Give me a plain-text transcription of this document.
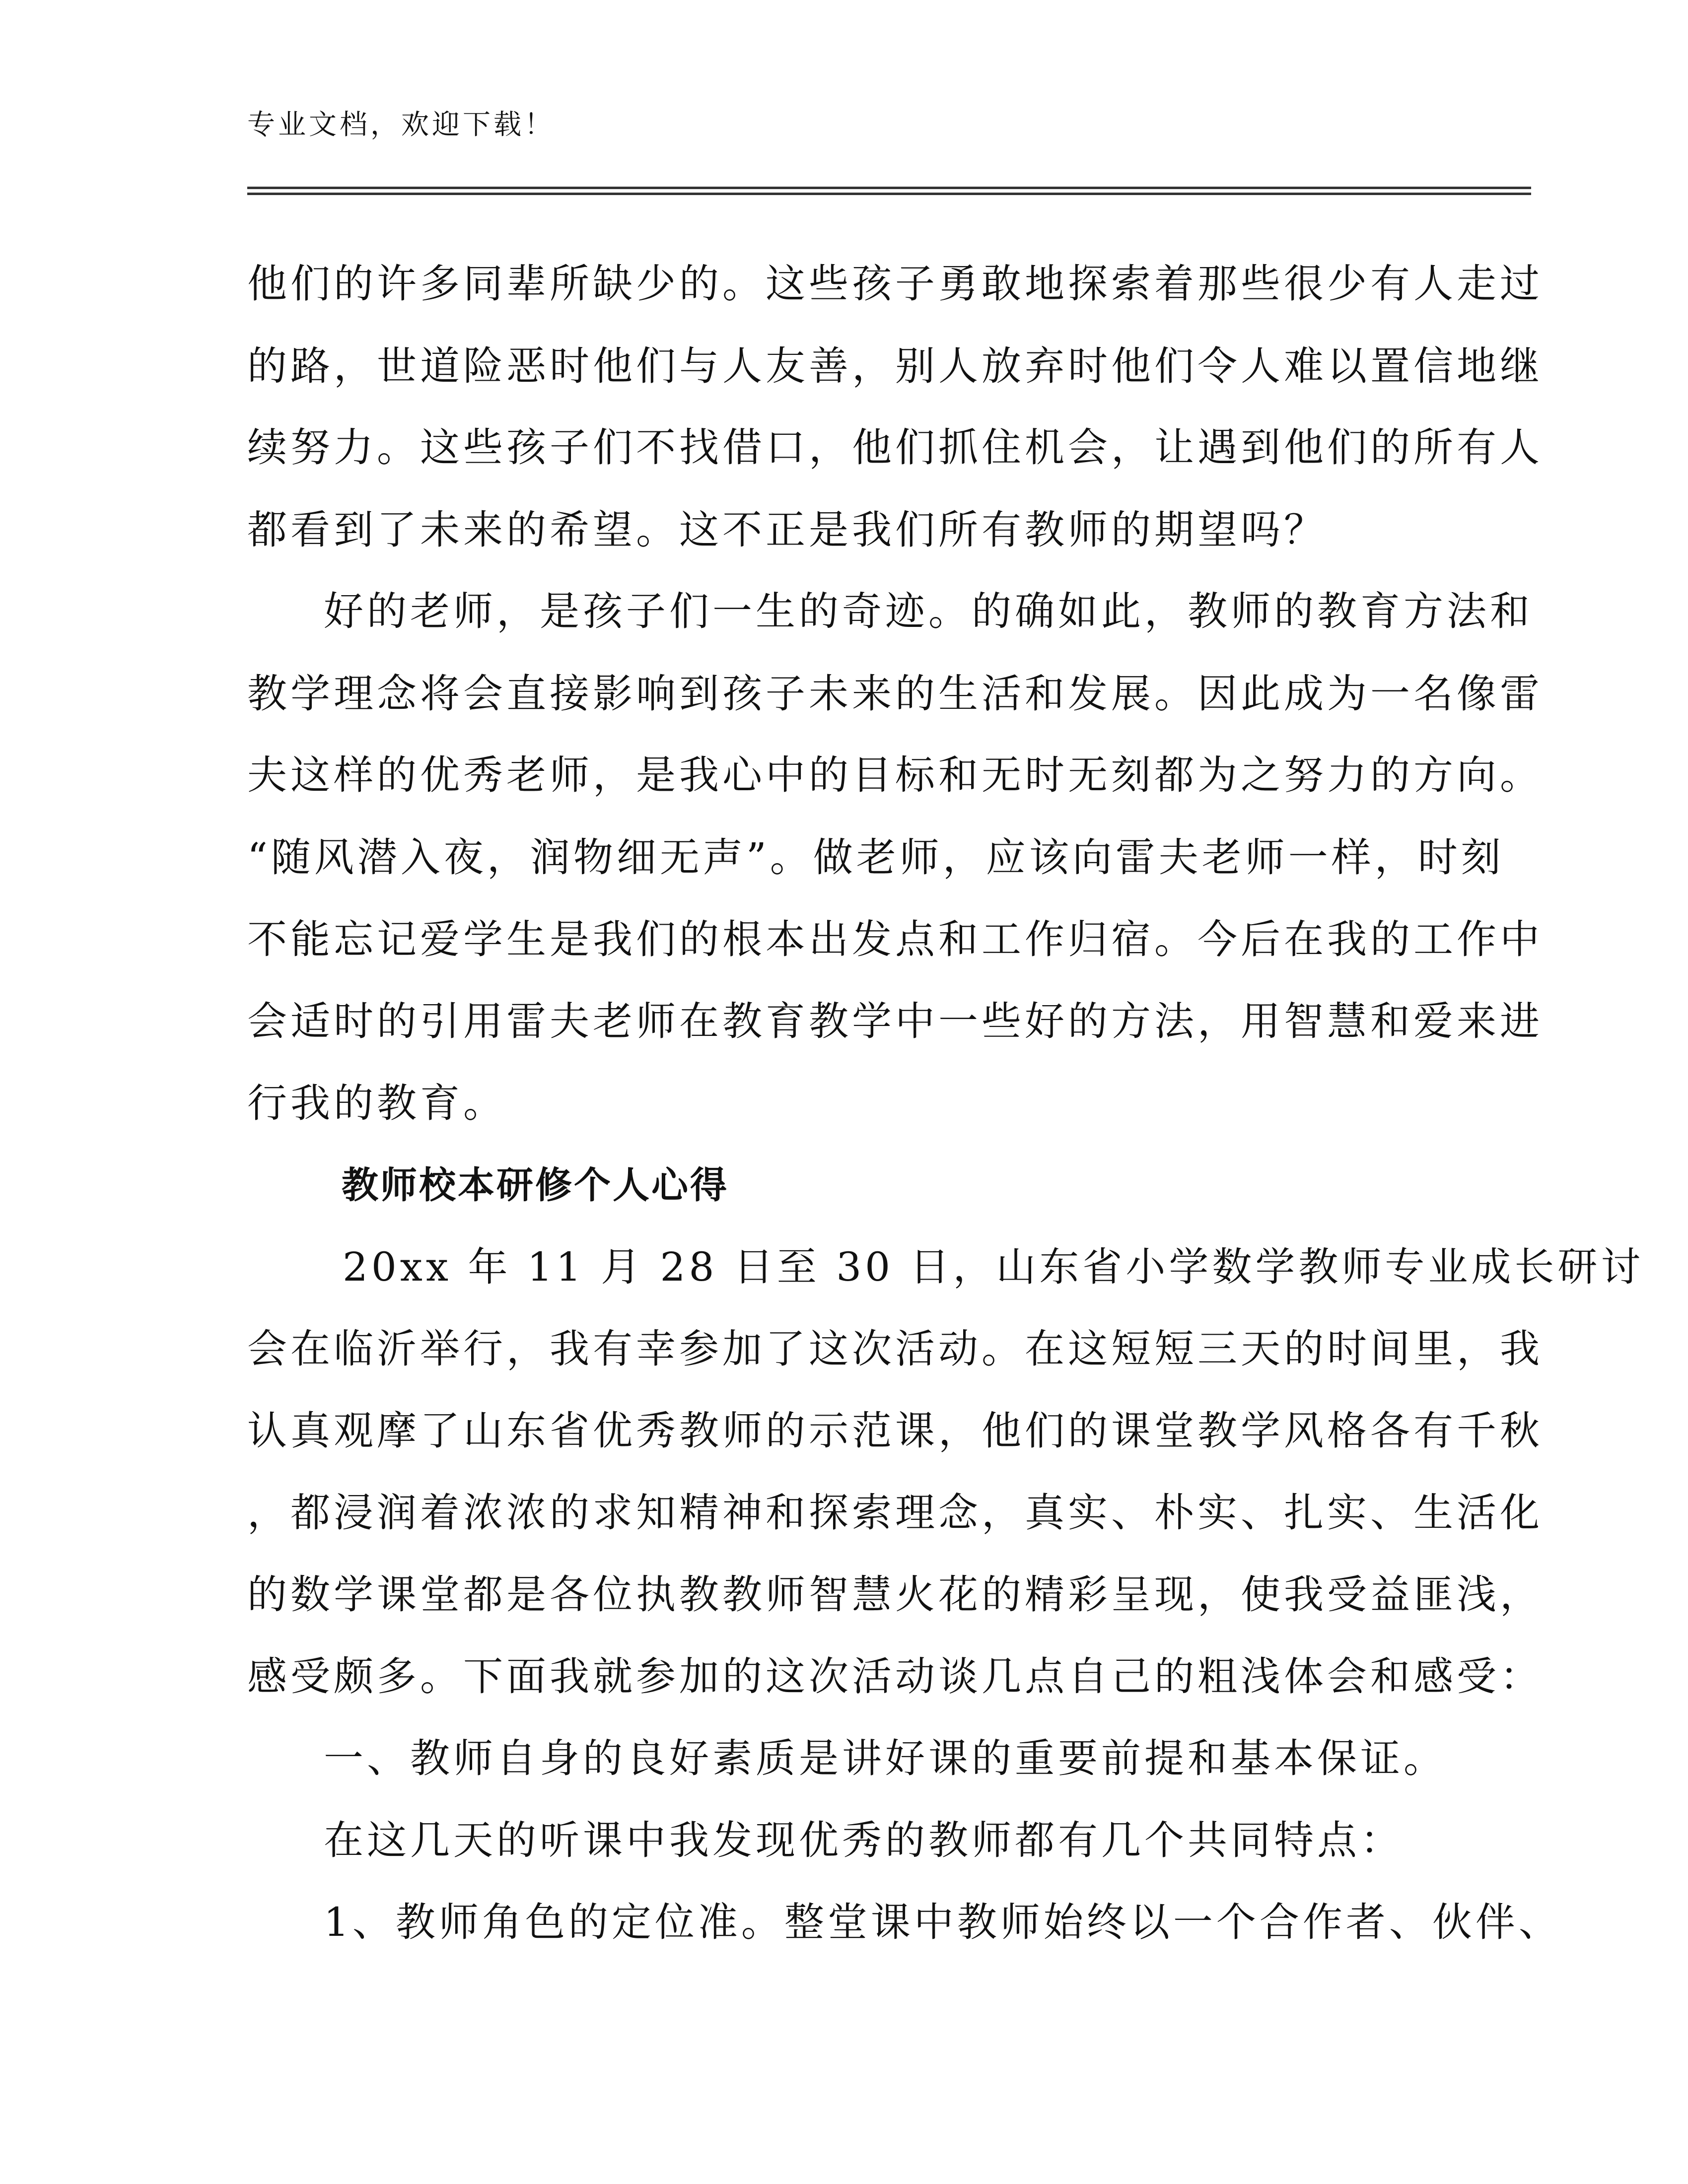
专业文档，欢迎下载！
他们的许多同辈所缺少的。这些孩子勇敢地探索着那些很少有人走过
的路，世道险恶时他们与人友善，别人放弃时他们令人难以置信地继
续努力。这些孩子们不找借口，他们抓住机会，让遇到他们的所有人
都看到了未来的希望。这不正是我们所有教师的期望吗？
好的老师，是孩子们一生的奇迹。的确如此，教师的教育方法和
教学理念将会直接影响到孩子未来的生活和发展。因此成为一名像雷
夫这样的优秀老师，是我心中的目标和无时无刻都为之努力的方向。
“随风潜入夜，润物细无声”。做老师，应该向雷夫老师一样，时刻
不能忘记爱学生是我们的根本出发点和工作归宿。今后在我的工作中
会适时的引用雷夫老师在教育教学中一些好的方法，用智慧和爱来进
行我的教育。
教师校本研修个人心得
20xx 年 11 月 28 日至 30 日，山东省小学数学教师专业成长研讨
会在临沂举行，我有幸参加了这次活动。在这短短三天的时间里，我
认真观摩了山东省优秀教师的示范课，他们的课堂教学风格各有千秋
，都浸润着浓浓的求知精神和探索理念，真实、朴实、扎实、生活化
的数学课堂都是各位执教教师智慧火花的精彩呈现，使我受益匪浅，
感受颇多。下面我就参加的这次活动谈几点自己的粗浅体会和感受：
一、教师自身的良好素质是讲好课的重要前提和基本保证。
在这几天的听课中我发现优秀的教师都有几个共同特点：
1、教师角色的定位准。整堂课中教师始终以一个合作者、伙伴、
